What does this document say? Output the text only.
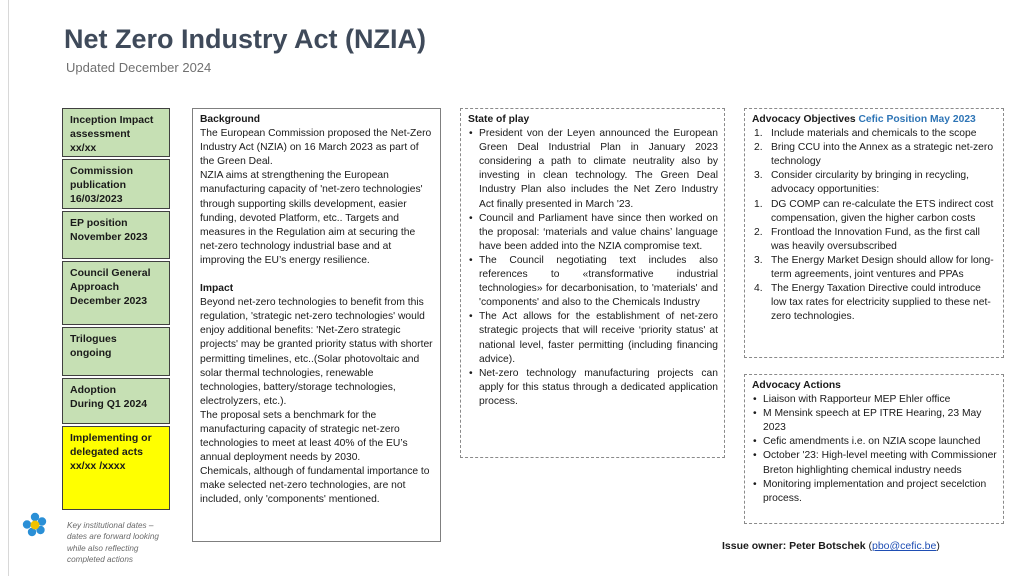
Net Zero Industry Act (NZIA)
Updated December 2024
Inception Impact
assessment
xx/xx
Commission
publication
16/03/2023
EP position
November 2023
Council General
Approach
December 2023
Trilogues
ongoing
Adoption
During Q1 2024
Implementing or
delegated acts
xx/xx /xxxx
Background
The European Commission proposed the Net-Zero Industry Act (NZIA) on 16 March 2023 as part of the Green Deal.
NZIA aims at strengthening the European manufacturing capacity of 'net-zero technologies' through supporting skills development, easier funding, devoted Platform, etc.. Targets and measures in the Regulation aim at securing the net-zero technology industrial base and at improving the EU’s energy resilience.
Impact
Beyond net-zero technologies to benefit from this regulation, 'strategic net-zero technologies' would enjoy additional benefits: 'Net-Zero strategic projects' may be granted priority status with shorter permitting timelines, etc..(Solar photovoltaic and solar thermal technologies, renewable technologies, battery/storage technologies, electrolyzers, etc.).
The proposal sets a benchmark for the manufacturing capacity of strategic net-zero technologies to meet at least 40% of the EU’s annual deployment needs by 2030.
Chemicals, although of fundamental importance to make selected net-zero technologies, are not included, only 'components' mentioned.
State of play
• President von der Leyen announced the European Green Deal Industrial Plan in January 2023 considering a path to climate neutrality also by investing in clean technology. The Green Deal Industry Plan also includes the Net Zero Industry Act finally presented in March '23.
• Council and Parliament have since then worked on the proposal: ‘materials and value chains’ language have been added into the NZIA compromise text.
• The Council negotiating text includes also references to «transformative industrial technologies» for decarbonisation, to 'materials' and 'components' and also to the Chemicals Industry
• The Act allows for the establishment of net-zero strategic projects that will receive ‘priority status' at national level, faster permitting (including financing advice).
• Net-zero technology manufacturing projects can apply for this status through a dedicated application process.
Advocacy Objectives Cefic Position May 2023
1. Include materials and chemicals to the scope
2. Bring CCU into the Annex as a strategic net-zero technology
3. Consider circularity by bringing in recycling, advocacy opportunities:
1. DG COMP can re-calculate the ETS indirect cost compensation, given the higher carbon costs
2. Frontload the Innovation Fund, as the first call was heavily oversubscribed
3. The Energy Market Design should allow for long-term agreements, joint ventures and PPAs
4. The Energy Taxation Directive could introduce low tax rates for electricity supplied to these net-zero technologies.
Advocacy Actions
• Liaison with Rapporteur MEP Ehler office
• M Mensink speech at EP ITRE Hearing, 23 May 2023
• Cefic amendments i.e. on NZIA scope launched
• October '23: High-level meeting with Commissioner Breton highlighting chemical industry needs
• Monitoring implementation and project secelction process.
Key institutional dates – dates are forward looking while also reflecting completed actions
Issue owner: Peter Botschek (pbo@cefic.be)
